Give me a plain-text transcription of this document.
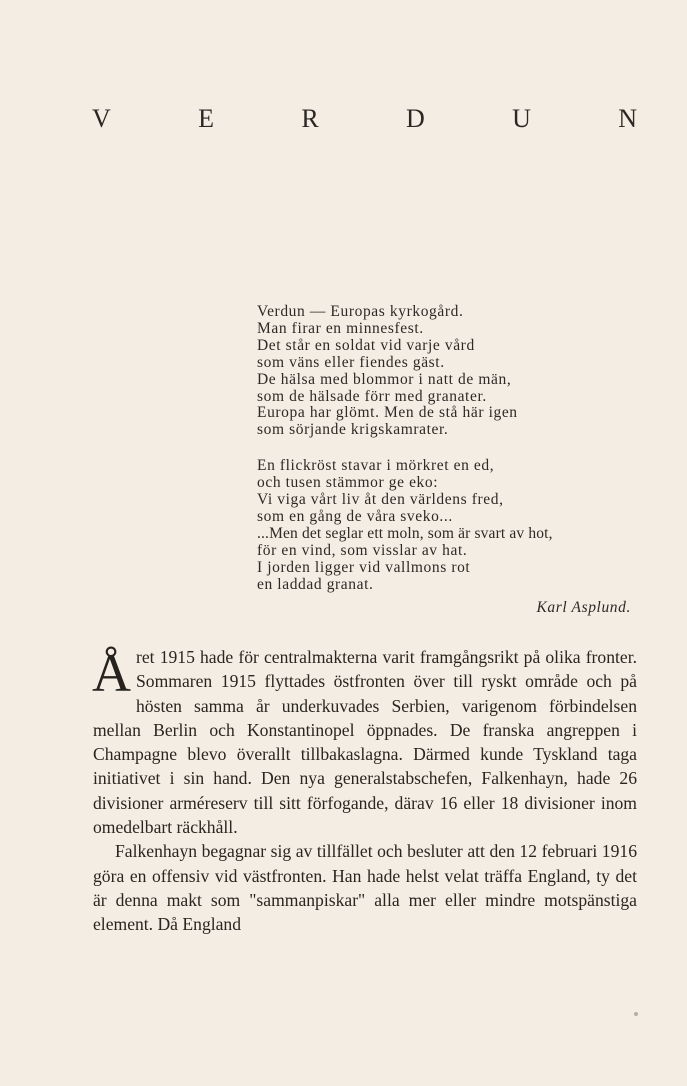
V	E	R	D	U	N

Verdun — Europas kyrkogård.
Man firar en minnesfest.
Det står en soldat vid varje vård
som väns eller fiendes gäst.
De hälsa med blommor i natt de män,
som de hälsade förr med granater.
Europa har glömt. Men de stå här igen
som sörjande krigskamrater.

En flickröst stavar i mörkret en ed,
och tusen stämmor ge eko:
Vi viga vårt liv åt den världens fred,
som en gång de våra sveko...
...Men det seglar ett moln, som är svart av hot,
för en vind, som visslar av hat.
I jorden ligger vid vallmons rot
en laddad granat.

Karl Asplund.

Året 1915 hade för centralmakterna varit framgångsrikt på olika fronter. Sommaren 1915 flyttades östfronten över till ryskt område och på hösten samma år underkuvades Serbien, varigenom förbindelsen mellan Berlin och Konstantinopel öppnades. De franska angreppen i Champagne blevo överallt tillbakaslagna. Därmed kunde Tyskland taga initiativet i sin hand. Den nya generalstabschefen, Falkenhayn, hade 26 divisioner arméreserv till sitt förfogande, därav 16 eller 18 divisioner inom omedelbart räckhåll.

Falkenhayn begagnar sig av tillfället och besluter att den 12 februari 1916 göra en offensiv vid västfronten. Han hade helst velat träffa England, ty det är denna makt som "sammanpiskar" alla mer eller mindre motspänstiga element. Då England
